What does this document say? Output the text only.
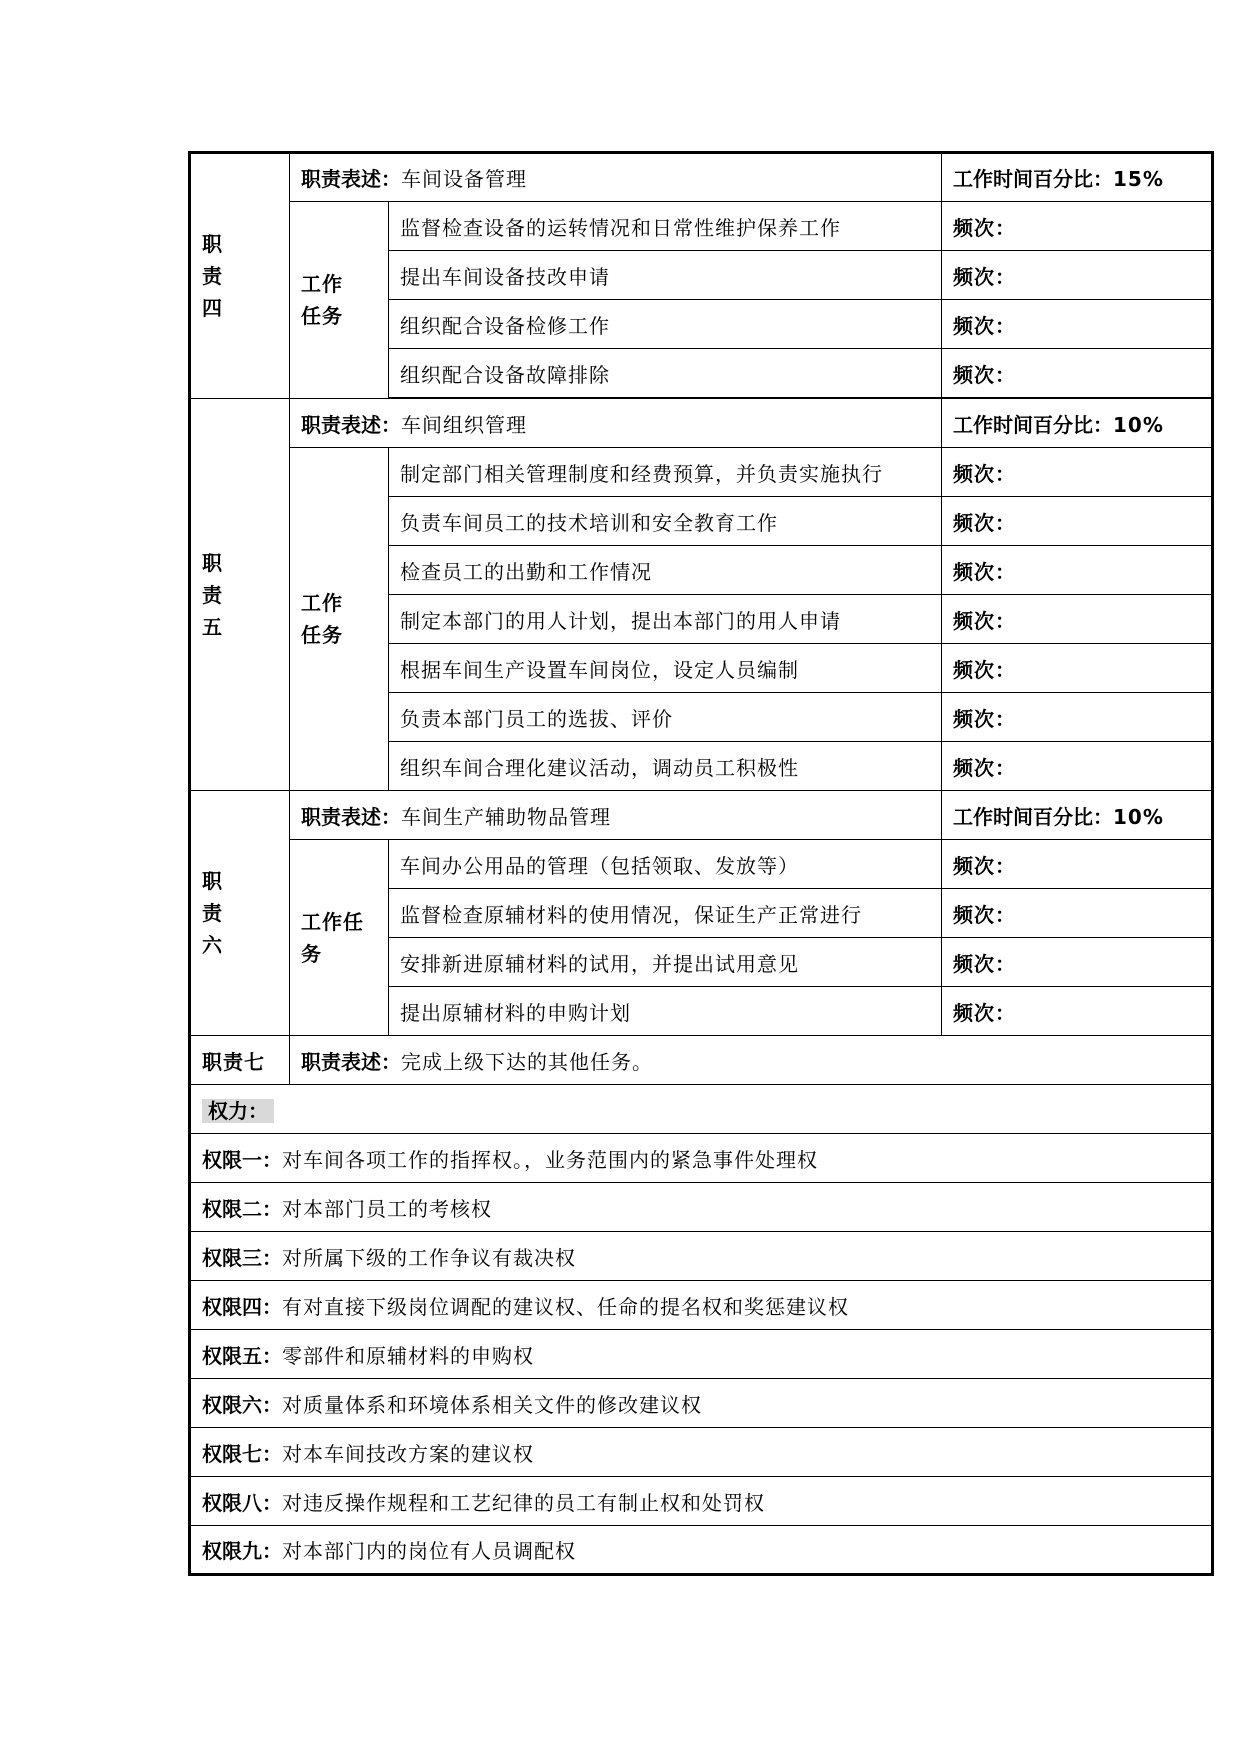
职
责
四	职责表述：车间设备管理		工作时间百分比：15%

	工作
任务	监督检查设备的运转情况和日常性维护保养工作	频次：
		提出车间设备技改申请	频次：
		组织配合设备检修工作	频次：
		组织配合设备故障排除	频次：

职
责
五	职责表述：车间组织管理		工作时间百分比：10%

	工作
任务	制定部门相关管理制度和经费预算，并负责实施执行	频次：
		负责车间员工的技术培训和安全教育工作	频次：
		检查员工的出勤和工作情况	频次：
		制定本部门的用人计划，提出本部门的用人申请	频次：
		根据车间生产设置车间岗位，设定人员编制	频次：
		负责本部门员工的选拔、评价	频次：
		组织车间合理化建议活动，调动员工积极性	频次：

职
责
六	职责表述：车间生产辅助物品管理		工作时间百分比：10%

	工作任
务	车间办公用品的管理（包括领取、发放等）	频次：
		监督检查原辅材料的使用情况，保证生产正常进行	频次：
		安排新进原辅材料的试用，并提出试用意见	频次：
		提出原辅材料的申购计划	频次：
职责七	职责表述：完成上级下达的其他任务。		
权力：			
权限一：对车间各项工作的指挥权。，业务范围内的紧急事件处理权			
权限二：对本部门员工的考核权			
权限三：对所属下级的工作争议有裁决权			
权限四：有对直接下级岗位调配的建议权、任命的提名权和奖惩建议权			
权限五：零部件和原辅材料的申购权			
权限六：对质量体系和环境体系相关文件的修改建议权			
权限七：对本车间技改方案的建议权			
权限八：对违反操作规程和工艺纪律的员工有制止权和处罚权			
权限九：对本部门内的岗位有人员调配权			
